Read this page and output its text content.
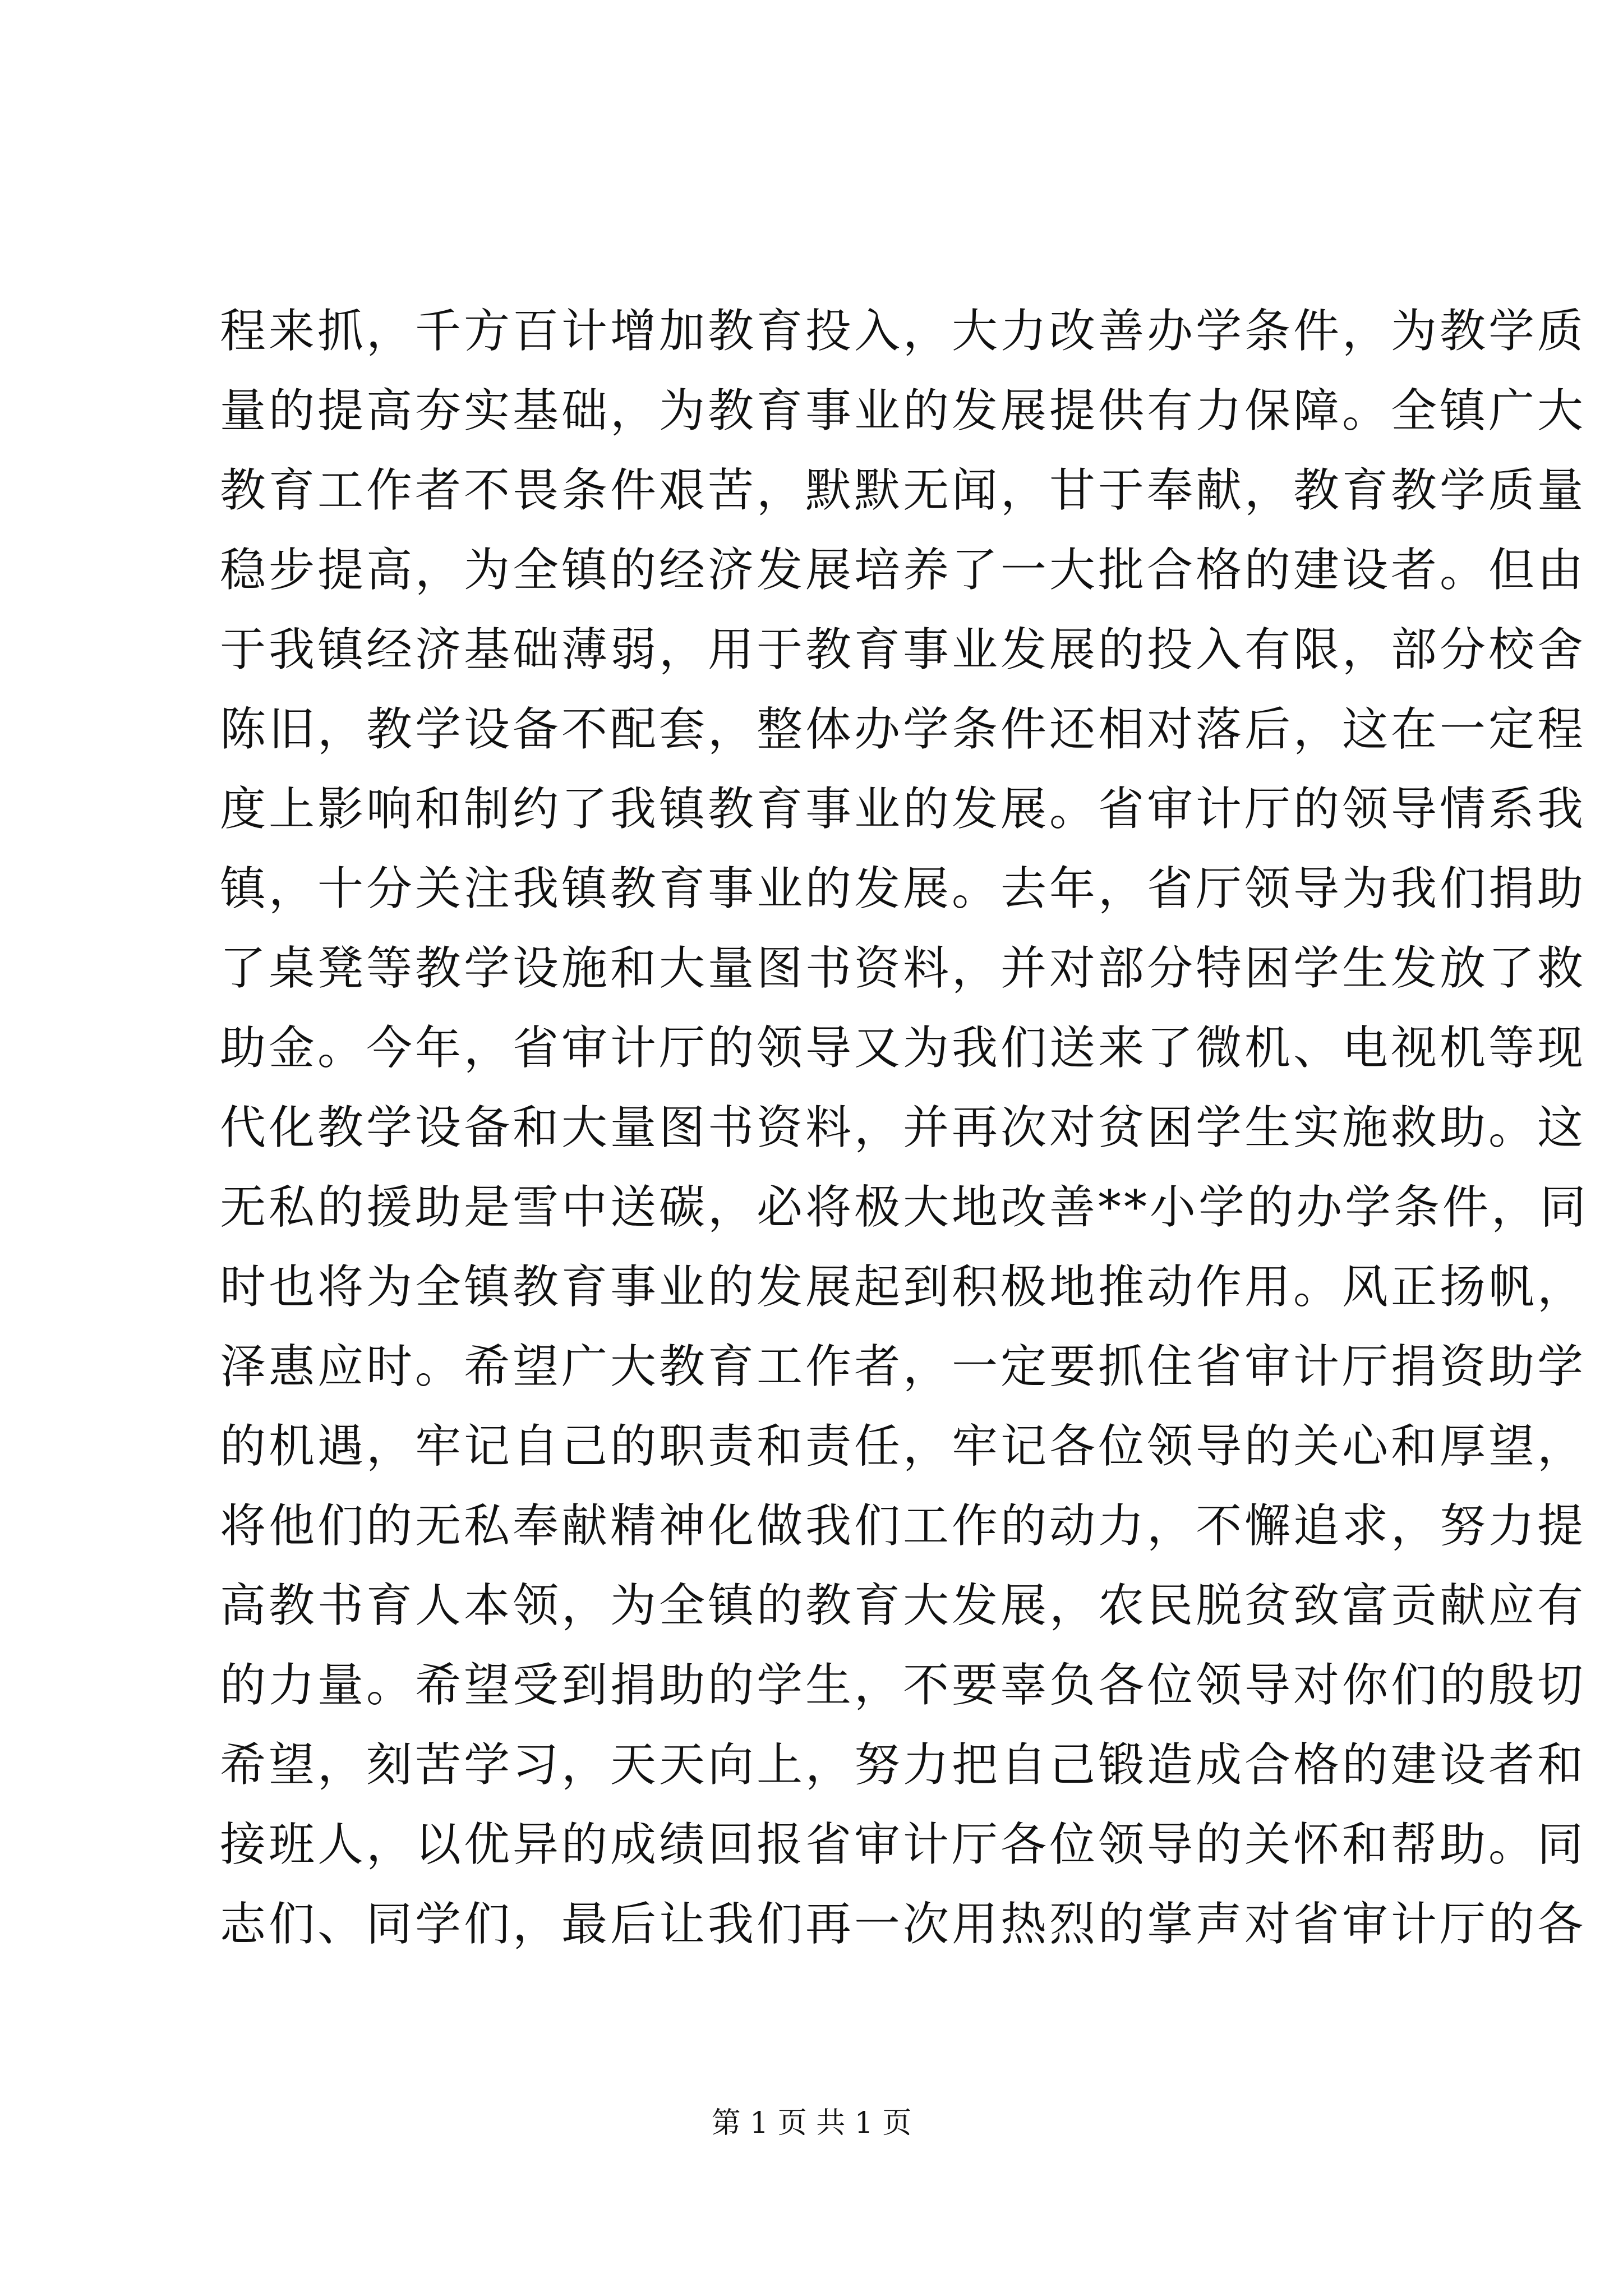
程来抓，千方百计增加教育投入，大力改善办学条件，为教学质
量的提高夯实基础，为教育事业的发展提供有力保障。全镇广大
教育工作者不畏条件艰苦，默默无闻，甘于奉献，教育教学质量
稳步提高，为全镇的经济发展培养了一大批合格的建设者。但由
于我镇经济基础薄弱，用于教育事业发展的投入有限，部分校舍
陈旧，教学设备不配套，整体办学条件还相对落后，这在一定程
度上影响和制约了我镇教育事业的发展。省审计厅的领导情系我
镇，十分关注我镇教育事业的发展。去年，省厅领导为我们捐助
了桌凳等教学设施和大量图书资料，并对部分特困学生发放了救
助金。今年，省审计厅的领导又为我们送来了微机、电视机等现
代化教学设备和大量图书资料，并再次对贫困学生实施救助。这
无私的援助是雪中送碳，必将极大地改善**小学的办学条件，同
时也将为全镇教育事业的发展起到积极地推动作用。风正扬帆，
泽惠应时。希望广大教育工作者，一定要抓住省审计厅捐资助学
的机遇，牢记自己的职责和责任，牢记各位领导的关心和厚望，
将他们的无私奉献精神化做我们工作的动力，不懈追求，努力提
高教书育人本领，为全镇的教育大发展，农民脱贫致富贡献应有
的力量。希望受到捐助的学生，不要辜负各位领导对你们的殷切
希望，刻苦学习，天天向上，努力把自己锻造成合格的建设者和
接班人，以优异的成绩回报省审计厅各位领导的关怀和帮助。同
志们、同学们，最后让我们再一次用热烈的掌声对省审计厅的各
第 1 页 共 1 页
